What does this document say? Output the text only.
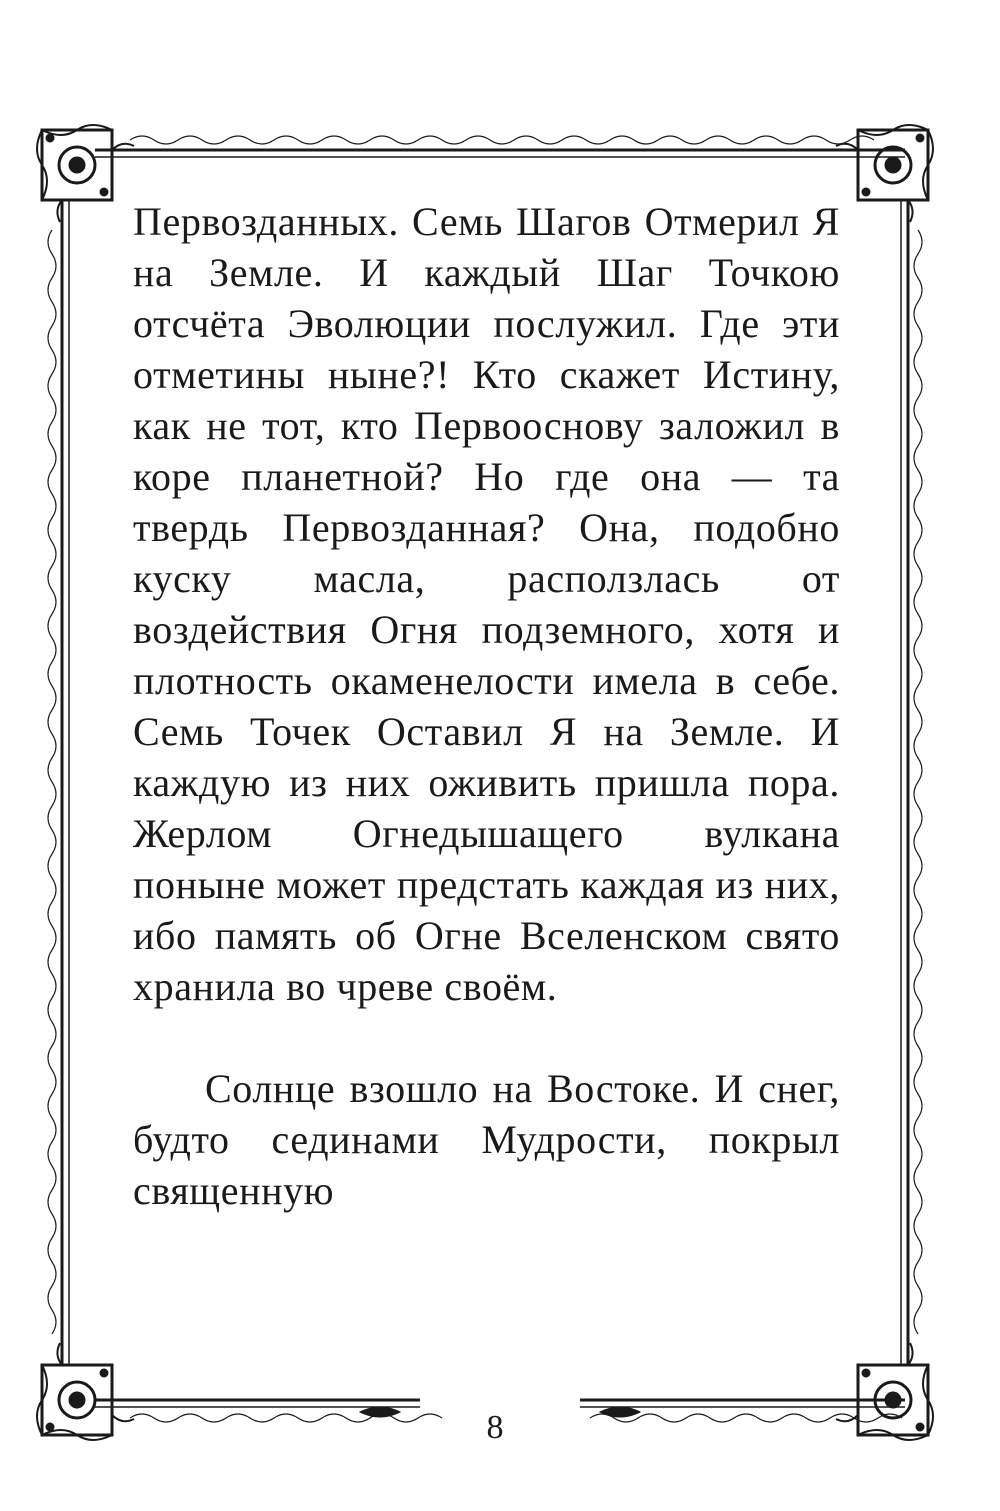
Первозданных. Семь Шагов Отмерил Я на Земле. И каждый Шаг Точкою отсчёта Эволюции послужил. Где эти отметины ныне?! Кто скажет Истину, как не тот, кто Первооснову заложил в коре планетной? Но где она — та твердь Первозданная? Она, подобно куску масла, расползлась от воздействия Огня подземного, хотя и плотность окаменелости имела в себе. Семь Точек Оставил Я на Земле. И каждую из них оживить пришла пора. Жерлом Огнедышащего вулкана поныне может предстать каждая из них, ибо память об Огне Вселенском свято хранила во чреве своём.

Солнце взошло на Востоке. И снег, будто сединами Мудрости, покрыл священную

8
